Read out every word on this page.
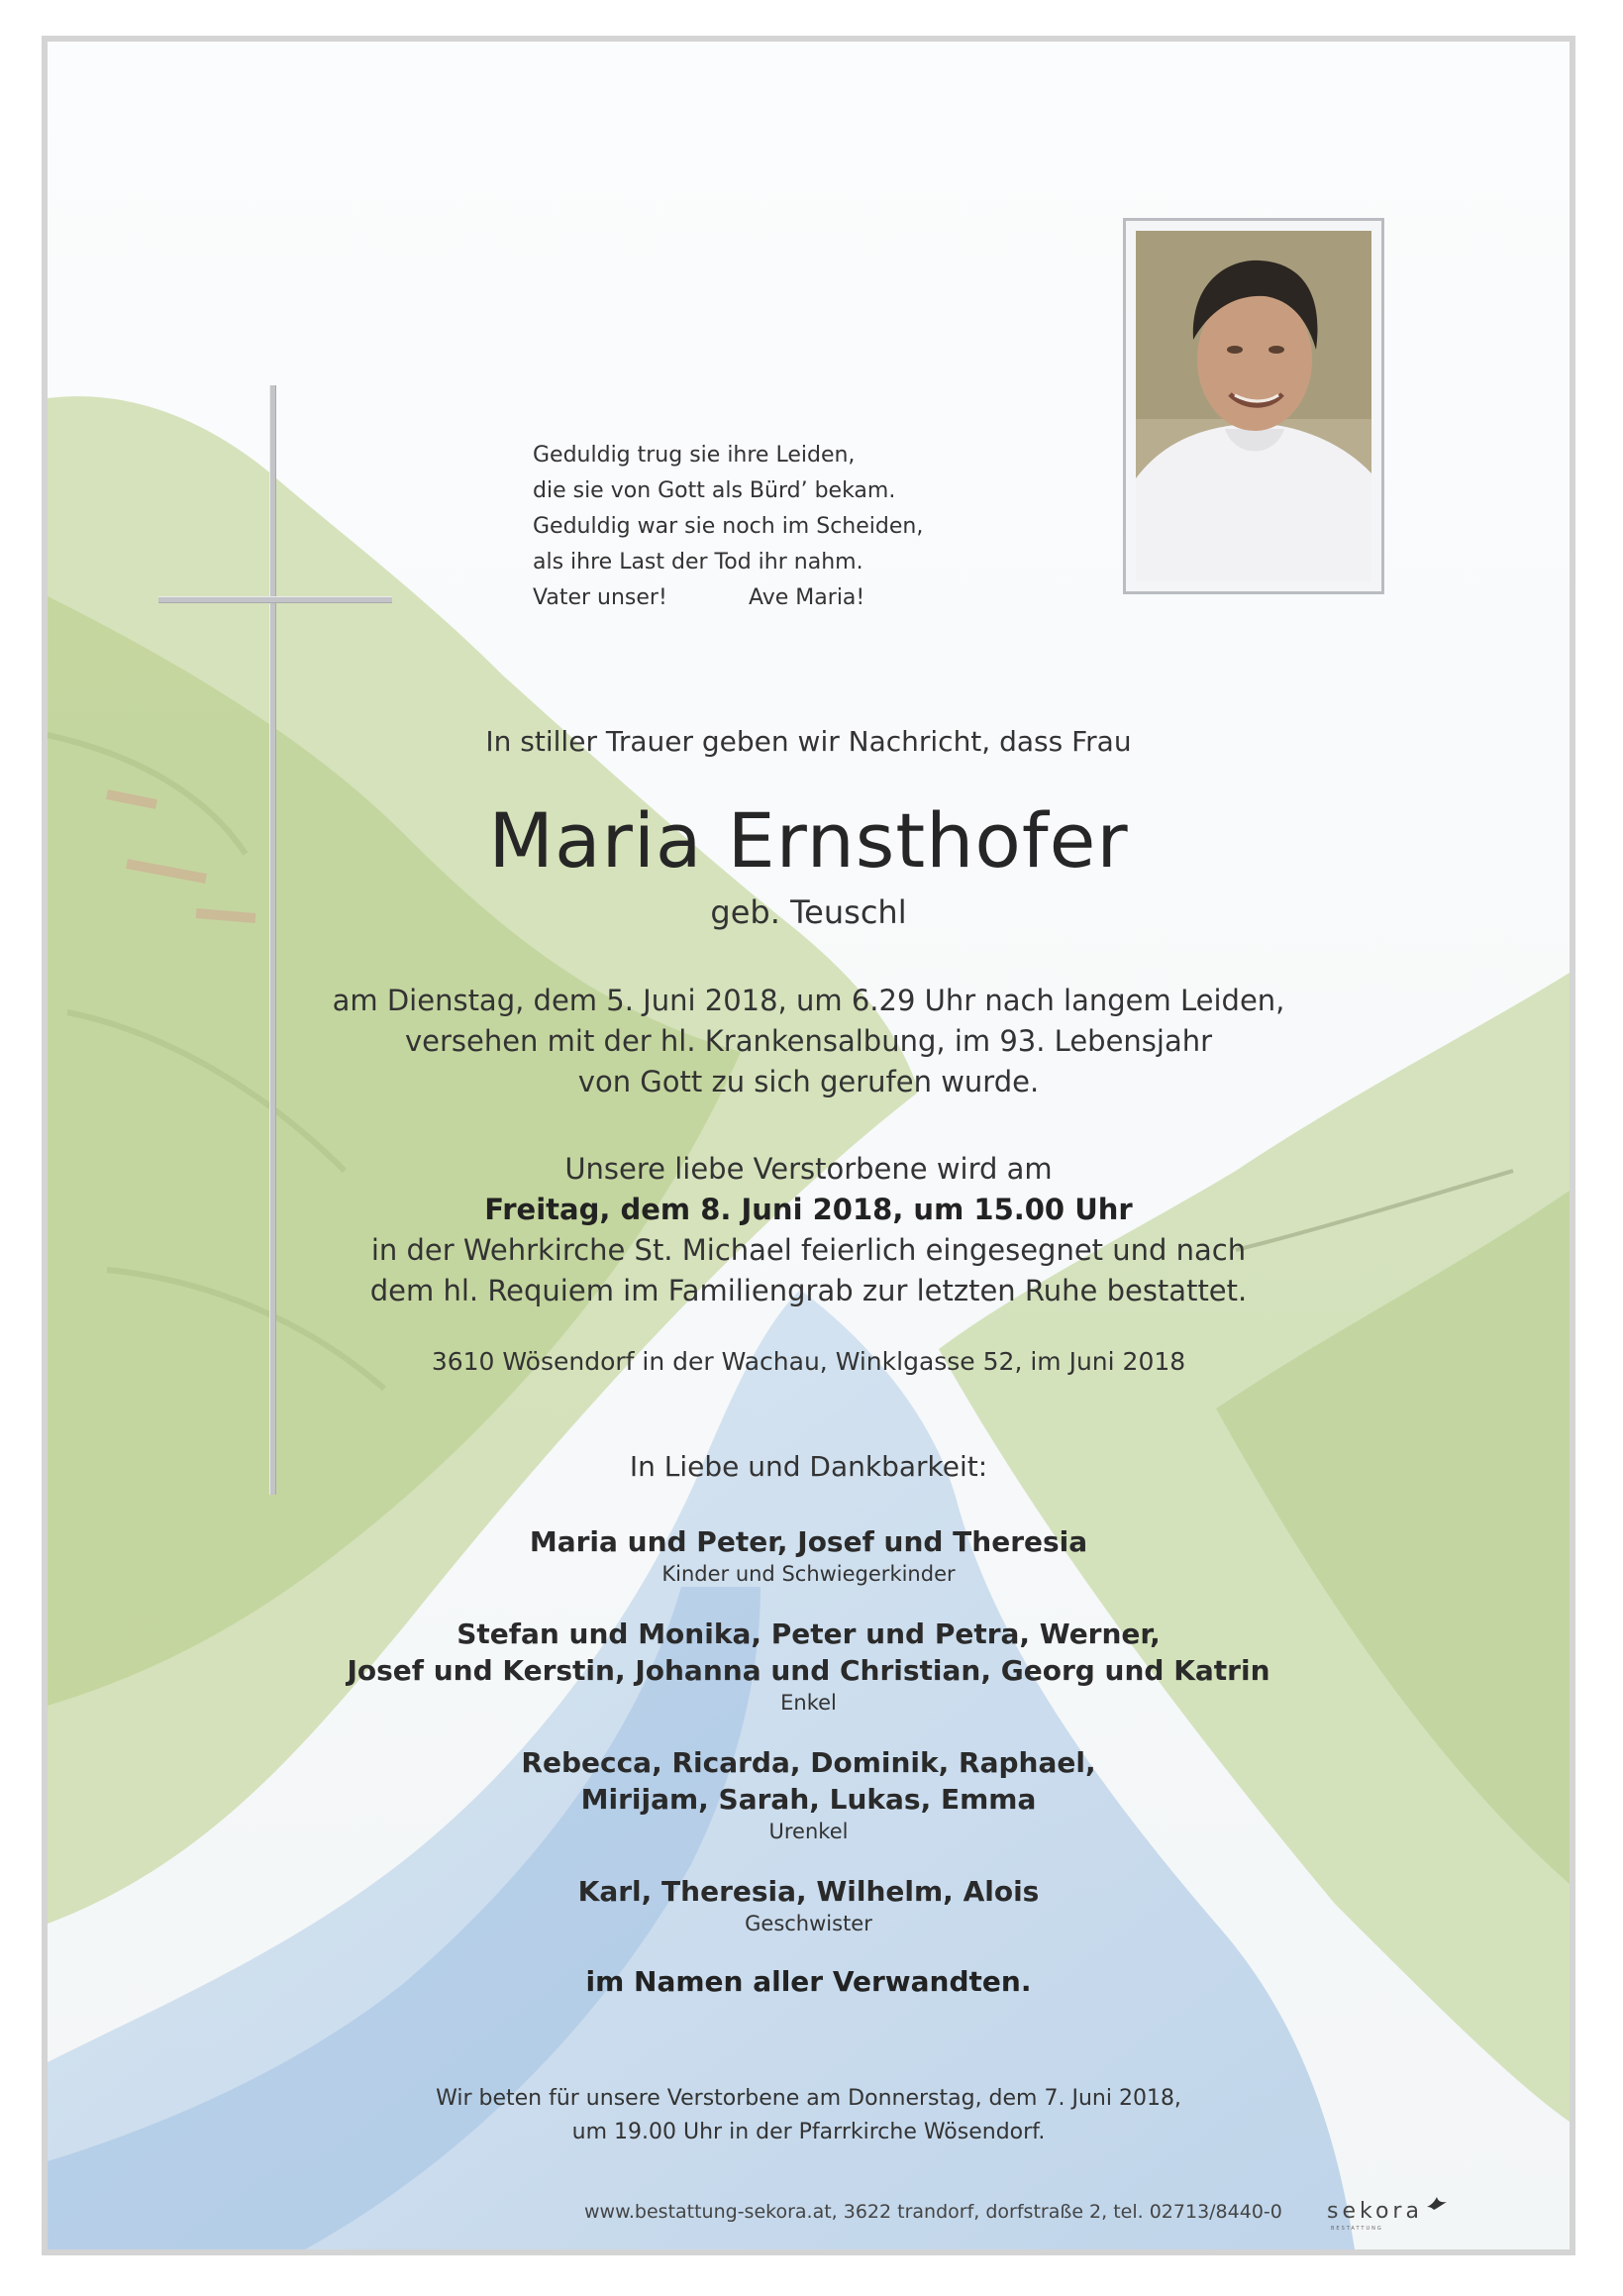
Geduldig trug sie ihre Leiden,
die sie von Gott als Bürd’ bekam.
Geduldig war sie noch im Scheiden,
als ihre Last der Tod ihr nahm.
Vater unser!	Ave Maria!
In stiller Trauer geben wir Nachricht, dass Frau
Maria Ernsthofer
geb. Teuschl
am Dienstag, dem 5. Juni 2018, um 6.29 Uhr nach langem Leiden,
versehen mit der hl. Krankensalbung, im 93. Lebensjahr
von Gott zu sich gerufen wurde.
Unsere liebe Verstorbene wird am
Freitag, dem 8. Juni 2018, um 15.00 Uhr
in der Wehrkirche St. Michael feierlich eingesegnet und nach
dem hl. Requiem im Familiengrab zur letzten Ruhe bestattet.
3610 Wösendorf in der Wachau, Winklgasse 52, im Juni 2018
In Liebe und Dankbarkeit:
Maria und Peter, Josef und Theresia
Kinder und Schwiegerkinder
Stefan und Monika, Peter und Petra, Werner,
Josef und Kerstin, Johanna und Christian, Georg und Katrin
Enkel
Rebecca, Ricarda, Dominik, Raphael,
Mirijam, Sarah, Lukas, Emma
Urenkel
Karl, Theresia, Wilhelm, Alois
Geschwister
im Namen aller Verwandten.
Wir beten für unsere Verstorbene am Donnerstag, dem 7. Juni 2018,
um 19.00 Uhr in der Pfarrkirche Wösendorf.
www.bestattung-sekora.at, 3622 trandorf, dorfstraße 2, tel. 02713/8440-0 sekora
BESTATTUNG
